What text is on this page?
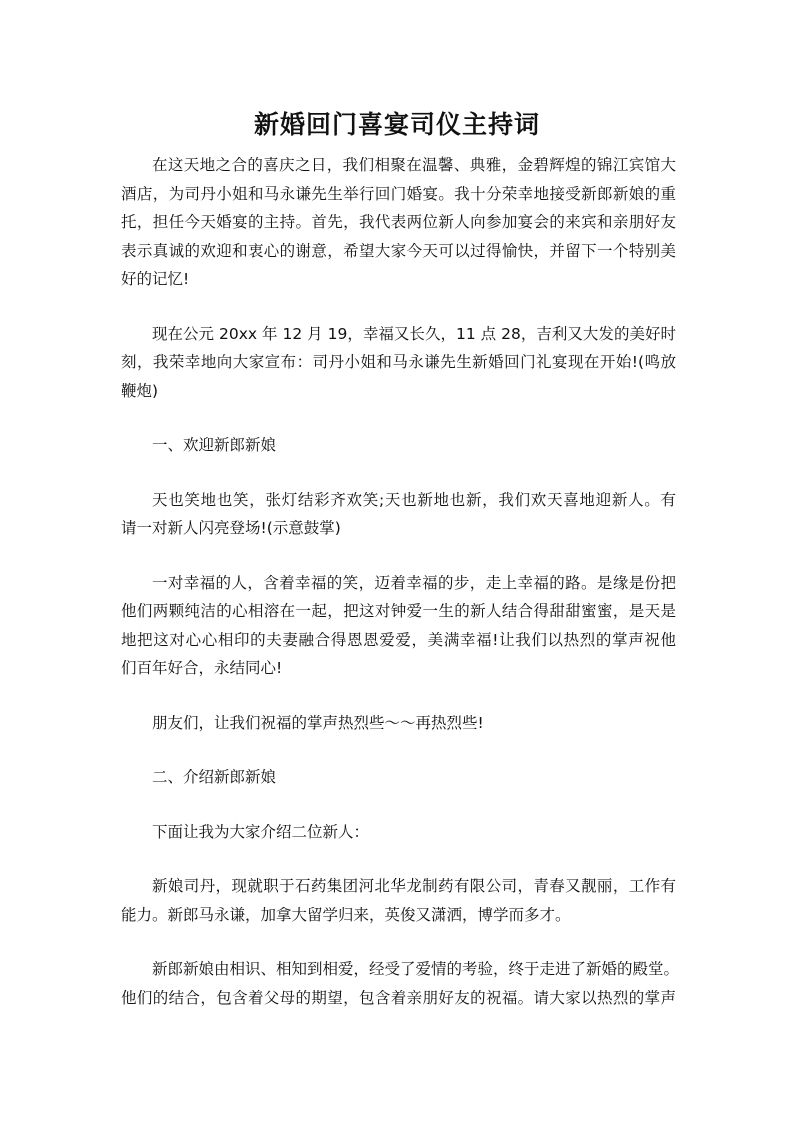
新婚回门喜宴司仪主持词
在这天地之合的喜庆之日，我们相聚在温馨、典雅，金碧辉煌的锦江宾馆大
酒店，为司丹小姐和马永谦先生举行回门婚宴。我十分荣幸地接受新郎新娘的重
托，担任今天婚宴的主持。首先，我代表两位新人向参加宴会的来宾和亲朋好友
表示真诚的欢迎和衷心的谢意，希望大家今天可以过得愉快，并留下一个特别美
好的记忆!
现在公元 20xx 年 12 月 19，幸福又长久，11 点 28，吉利又大发的美好时
刻，我荣幸地向大家宣布：司丹小姐和马永谦先生新婚回门礼宴现在开始!(鸣放
鞭炮)
一、欢迎新郎新娘
天也笑地也笑，张灯结彩齐欢笑;天也新地也新，我们欢天喜地迎新人。有
请一对新人闪亮登场!(示意鼓掌)
一对幸福的人，含着幸福的笑，迈着幸福的步，走上幸福的路。是缘是份把
他们两颗纯洁的心相溶在一起，把这对钟爱一生的新人结合得甜甜蜜蜜，是天是
地把这对心心相印的夫妻融合得恩恩爱爱，美满幸福!让我们以热烈的掌声祝他
们百年好合，永结同心!
朋友们，让我们祝福的掌声热烈些～～再热烈些!
二、介绍新郎新娘
下面让我为大家介绍二位新人：
新娘司丹，现就职于石药集团河北华龙制药有限公司，青春又靓丽，工作有
能力。新郎马永谦，加拿大留学归来，英俊又潇洒，博学而多才。
新郎新娘由相识、相知到相爱，经受了爱情的考验，终于走进了新婚的殿堂。
他们的结合，包含着父母的期望，包含着亲朋好友的祝福。请大家以热烈的掌声
